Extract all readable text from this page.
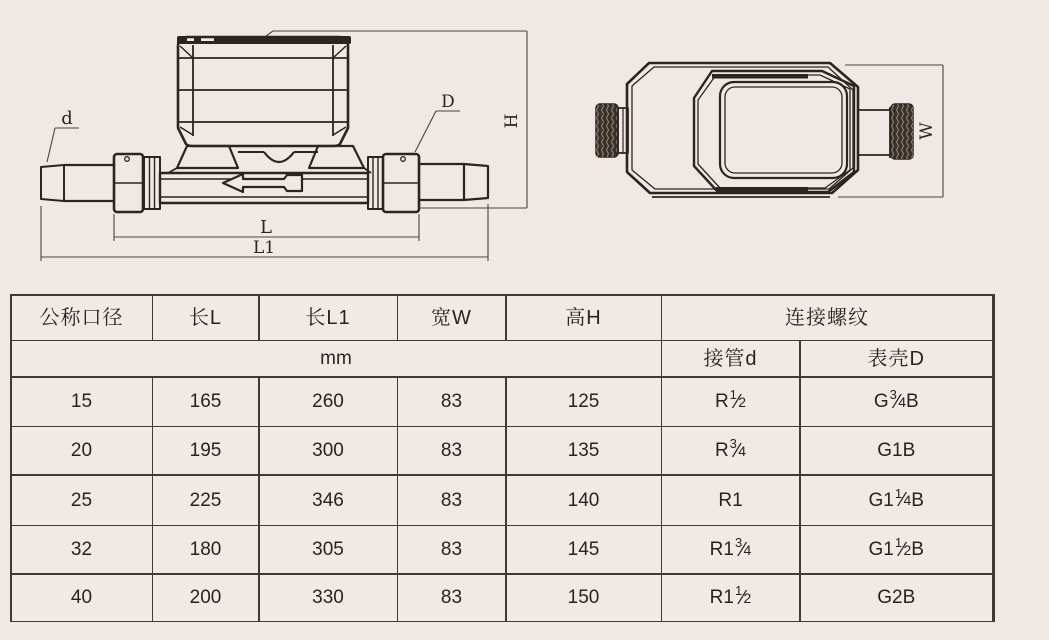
d
D
H
L
L1
W
公称口径	长L	长L1	宽W	高H	连接螺纹
mm	接管d	表壳D
15	165	260	83	125	R 1 ⁄ 2	G 3 ⁄ 4 B
20	195	300	83	135	R 3 ⁄ 4	G1 B
25	225	346	83	140	R1	G1 1 ⁄ 4 B
32	180	305	83	145	R1 3 ⁄ 4	G1 1 ⁄ 2 B
40	200	330	83	150	R1 1 ⁄ 2	G2 B
